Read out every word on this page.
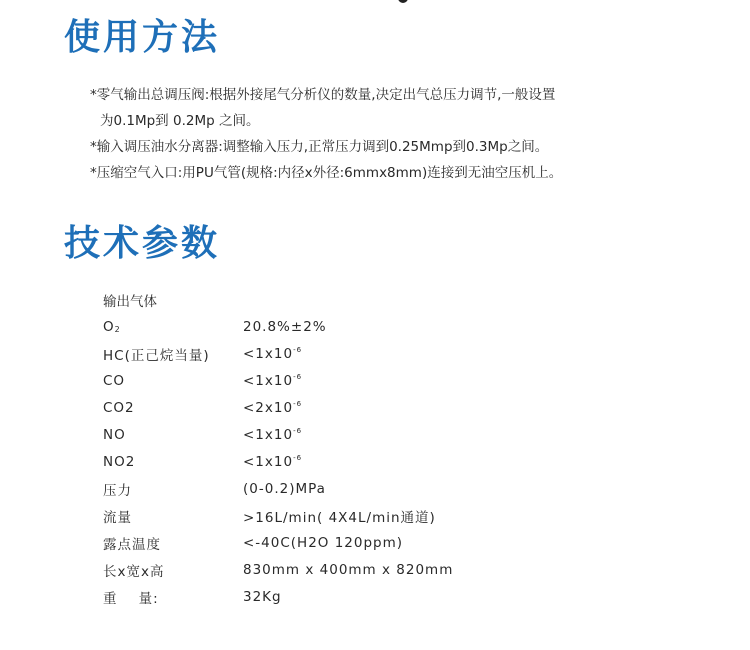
使用方法
*零气输出总调压阀:根据外接尾气分析仪的数量,决定出气总压力调节,一般设置
为0.1Mp到 0.2Mp 之间。
*输入调压油水分离器:调整输入压力,正常压力调到0.25Mmp到0.3Mp之间。
*压缩空气入口:用PU气管(规格:内径x外径:6mmx8mm)连接到无油空压机上。
技术参数
输出气体	
O2	20.8%±2%
HC(正己烷当量)	$<1x10^{-6}$
CO	$<1x10^{-6}$
CO2	$<2x10^{-6}$
NO	$<1x10^{-6}$
NO2	$<1x10^{-6}$
压力	(0-0.2)MPa
流量	>16L/min( 4X4L/min通道)
露点温度	<-40C(H2O 120ppm)
长x宽x高	830mm x 400mm x 820mm
重    量:	32Kg
